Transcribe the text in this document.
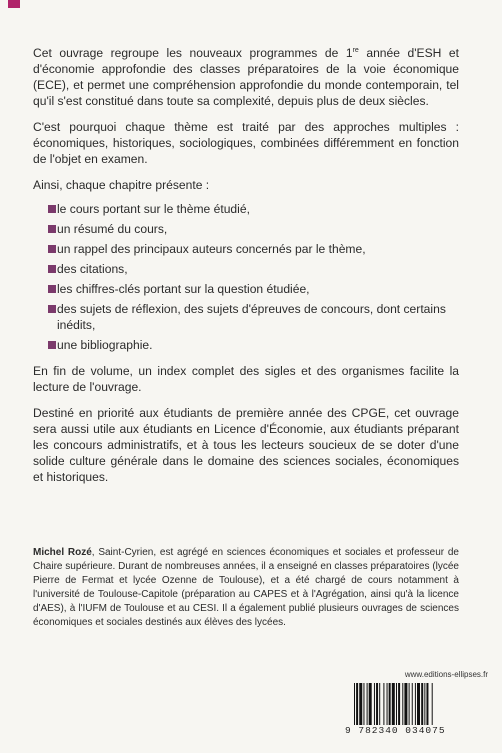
Cet ouvrage regroupe les nouveaux programmes de 1re année d'ESH et d'économie approfondie des classes préparatoires de la voie économique (ECE), et permet une compréhension approfondie du monde contemporain, tel qu'il s'est constitué dans toute sa complexité, depuis plus de deux siècles.

C'est pourquoi chaque thème est traité par des approches multiples : économiques, historiques, sociologiques, combinées différemment en fonction de l'objet en examen.

Ainsi, chaque chapitre présente :

le cours portant sur le thème étudié,
un résumé du cours,
un rappel des principaux auteurs concernés par le thème,
des citations,
les chiffres-clés portant sur la question étudiée,
des sujets de réflexion, des sujets d'épreuves de concours, dont certains inédits,
une bibliographie.

En fin de volume, un index complet des sigles et des organismes facilite la lecture de l'ouvrage.

Destiné en priorité aux étudiants de première année des CPGE, cet ouvrage sera aussi utile aux étudiants en Licence d'Économie, aux étudiants préparant les concours administratifs, et à tous les lecteurs soucieux de se doter d'une solide culture générale dans le domaine des sciences sociales, économiques et historiques.

Michel Rozé, Saint-Cyrien, est agrégé en sciences économiques et sociales et professeur de Chaire supérieure. Durant de nombreuses années, il a enseigné en classes préparatoires (lycée Pierre de Fermat et lycée Ozenne de Toulouse), et a été chargé de cours notamment à l'université de Toulouse-Capitole (préparation au CAPES et à l'Agrégation, ainsi qu'à la licence d'AES), à l'IUFM de Toulouse et au CESI. Il a également publié plusieurs ouvrages de sciences économiques et sociales destinés aux élèves des lycées.

www.editions-ellipses.fr
9 782340 034075
